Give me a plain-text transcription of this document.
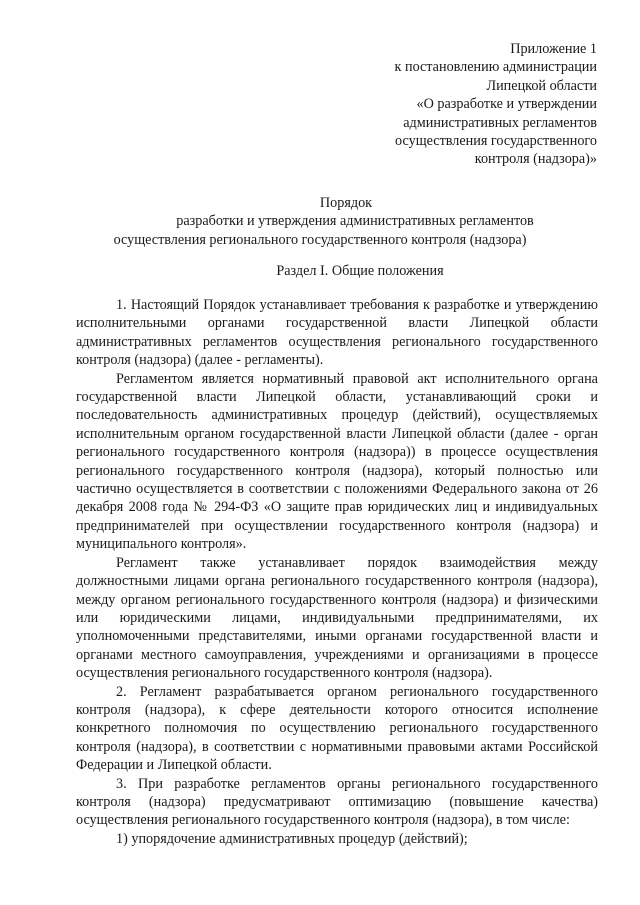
Приложение 1
к постановлению администрации
Липецкой области
«О разработке и утверждении
административных регламентов
осуществления государственного
контроля (надзора)»
Порядок
разработки и утверждения административных регламентов
осуществления регионального государственного контроля (надзора)
Раздел I. Общие положения

1. Настоящий Порядок устанавливает требования к разработке и утверждению исполнительными органами государственной власти Липецкой области административных регламентов осуществления регионального государственного контроля (надзора) (далее - регламенты).

Регламентом является нормативный правовой акт исполнительного органа государственной власти Липецкой области, устанавливающий сроки и последовательность административных процедур (действий), осуществляемых исполнительным органом государственной власти Липецкой области (далее - орган регионального государственного контроля (надзора)) в процессе осуществления регионального государственного контроля (надзора), который полностью или частично осуществляется в соответствии с положениями Федерального закона от 26 декабря 2008 года № 294-ФЗ «О защите прав юридических лиц и индивидуальных предпринимателей при осуществлении государственного контроля (надзора) и муниципального контроля».

Регламент также устанавливает порядок взаимодействия между должностными лицами органа регионального государственного контроля (надзора), между органом регионального государственного контроля (надзора) и физическими или юридическими лицами, индивидуальными предпринимателями, их уполномоченными представителями, иными органами государственной власти и органами местного самоуправления, учреждениями и организациями в процессе осуществления регионального государственного контроля (надзора).

2. Регламент разрабатывается органом регионального государственного контроля (надзора), к сфере деятельности которого относится исполнение конкретного полномочия по осуществлению регионального государственного контроля (надзора), в соответствии с нормативными правовыми актами Российской Федерации и Липецкой области.

3. При разработке регламентов органы регионального государственного контроля (надзора) предусматривают оптимизацию (повышение качества) осуществления регионального государственного контроля (надзора), в том числе:

1) упорядочение административных процедур (действий);
